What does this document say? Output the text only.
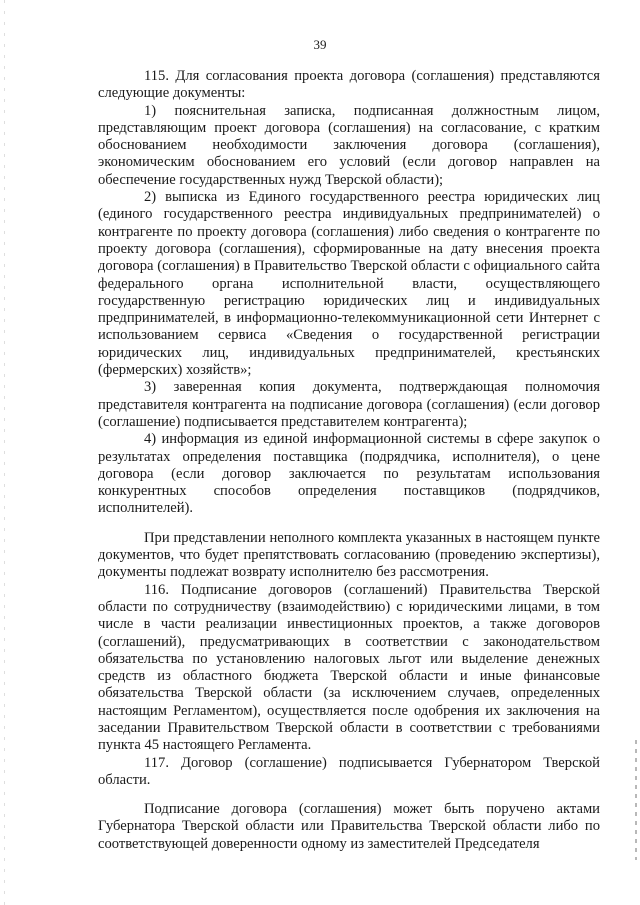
39

115. Для согласования проекта договора (соглашения) представляются следующие документы:

1) пояснительная записка, подписанная должностным лицом, представляющим проект договора (соглашения) на согласование, с кратким обоснованием необходимости заключения договора (соглашения), экономическим обоснованием его условий (если договор направлен на обеспечение государственных нужд Тверской области);

2) выписка из Единого государственного реестра юридических лиц (единого государственного реестра индивидуальных предпринимателей) о контрагенте по проекту договора (соглашения) либо сведения о контрагенте по проекту договора (соглашения), сформированные на дату внесения проекта договора (соглашения) в Правительство Тверской области с официального сайта федерального органа исполнительной власти, осуществляющего государственную регистрацию юридических лиц и индивидуальных предпринимателей, в информационно-телекоммуникационной сети Интернет с использованием сервиса «Сведения о государственной регистрации юридических лиц, индивидуальных предпринимателей, крестьянских (фермерских) хозяйств»;

3) заверенная копия документа, подтверждающая полномочия представителя контрагента на подписание договора (соглашения) (если договор (соглашение) подписывается представителем контрагента);

4) информация из единой информационной системы в сфере закупок о результатах определения поставщика (подрядчика, исполнителя), о цене договора (если договор заключается по результатам использования конкурентных способов определения поставщиков (подрядчиков, исполнителей).

При представлении неполного комплекта указанных в настоящем пункте документов, что будет препятствовать согласованию (проведению экспертизы), документы подлежат возврату исполнителю без рассмотрения.

116. Подписание договоров (соглашений) Правительства Тверской области по сотрудничеству (взаимодействию) с юридическими лицами, в том числе в части реализации инвестиционных проектов, а также договоров (соглашений), предусматривающих в соответствии с законодательством обязательства по установлению налоговых льгот или выделение денежных средств из областного бюджета Тверской области и иные финансовые обязательства Тверской области (за исключением случаев, определенных настоящим Регламентом), осуществляется после одобрения их заключения на заседании Правительством Тверской области в соответствии с требованиями пункта 45 настоящего Регламента.

117. Договор (соглашение) подписывается Губернатором Тверской области.

Подписание договора (соглашения) может быть поручено актами Губернатора Тверской области или Правительства Тверской области либо по соответствующей доверенности одному из заместителей Председателя
